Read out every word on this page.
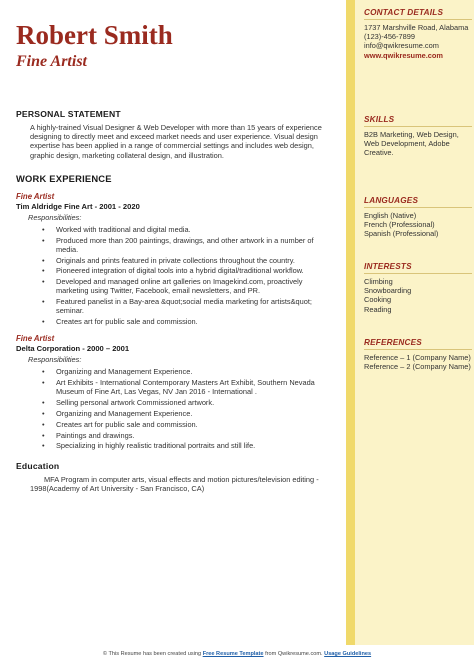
Robert Smith
Fine Artist
PERSONAL STATEMENT
A highly-trained Visual Designer & Web Developer with more than 15 years of experience designing to directly meet and exceed market needs and user experience. Visual design expertise has been applied in a range of commercial settings and includes web design, graphic design, marketing collateral design, and illustration.
WORK EXPERIENCE
Fine Artist
Tim Aldridge Fine Art - 2001 - 2020
Responsibilities:
• Worked with traditional and digital media.
• Produced more than 200 paintings, drawings, and other artwork in a number of media.
• Originals and prints featured in private collections throughout the country.
• Pioneered integration of digital tools into a hybrid digital/traditional workflow.
• Developed and managed online art galleries on Imagekind.com, proactively marketing using Twitter, Facebook, email newsletters, and PR.
• Featured panelist in a Bay-area &quot;social media marketing for artists&quot; seminar.
• Creates art for public sale and commission.
Fine Artist
Delta Corporation - 2000 – 2001
Responsibilities:
• Organizing and Management Experience.
• Art Exhibits - International Contemporary Masters Art Exhibit, Southern Nevada Museum of Fine Art, Las Vegas, NV Jan 2016 - International .
• Selling personal artwork Commissioned artwork.
• Organizing and Management Experience.
• Creates art for public sale and commission.
• Paintings and drawings.
• Specializing in highly realistic traditional portraits and still life.
Education
MFA Program in computer arts, visual effects and motion pictures/television editing - 1998(Academy of Art University - San Francisco, CA)
CONTACT DETAILS
1737 Marshville Road, Alabama
(123)-456-7899
info@qwikresume.com
www.qwikresume.com
SKILLS
B2B Marketing, Web Design, Web Development, Adobe Creative.
LANGUAGES
English (Native)
French (Professional)
Spanish (Professional)
INTERESTS
Climbing
Snowboarding
Cooking
Reading
REFERENCES
Reference – 1 (Company Name)
Reference – 2 (Company Name)
© This Resume has been created using Free Resume Template from Qwikresume.com. Usage Guidelines
